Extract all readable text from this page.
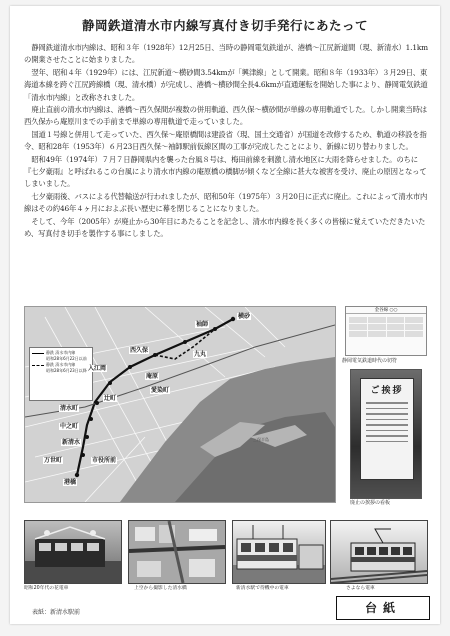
静岡鉄道清水市内線写真付き切手発行にあたって

静岡鉄道清水市内線は、昭和３年（1928年）12月25日、当時の静岡電気鉄道が、港橋～江尻新道間（現、新清水）1.1kmの開業させたことに始まりました。

翌年、昭和４年（1929年）には、江尻新道～横砂間3.54kmが「興津線」として開業。昭和８年（1933年）３月29日、東海道本線を跨ぐ江尻跨線橋（現、清水橋）が完成し、港橋～横砂間全長4.6kmが直通運転を開始した事により、静岡電気鉄道「清水市内線」と改称されました。

廃止直前の清水市内線は、港橋～西久保間が複数の併用軌道、西久保～横砂間が単線の専用軌道でした。しかし開業当時は西久保から庵原川までの手前まで単線の専用軌道で走っていました。

国道１号線と併用して走っていた、西久保～庵原橋間は建設省（現、国土交通省）が国道を改修するため、軌道の移設を指令、昭和28年（1953年）６月23日西久保～袖師駅前仮線区間の工事が完成したことにより、新線に切り替わりました。

昭和49年（1974年）７月７日静岡県内を襲った台風８号は、梅田前線を刺激し清水地区に大雨を降らせました。のちに『七夕豪雨』と呼ばれるこの台風により清水市内線の庵原橋の橋脚が傾くなど全線に甚大な被害を受け、廃止の原因となってしまいました。

七夕豪雨後、バスによる代替輸送が行われましたが、昭和50年（1975年）３月20日に正式に廃止。これによって清水市内線はその約46年４ヶ月におよぶ長い歴史に幕を閉じることになりました。

そして、今年（2005年）が廃止から30年目にあたることを記念し、清水市内線を長く多くの皆様に覚えていただきたいため、写真付き切手を製作する事にしました。

静鉄 清水市内線
昭和28年6月22日以前
静鉄 清水市内線
昭和28年6月23日以降
横砂
袖師
西久保
九丸
庵原
愛染町
入江岡
辻町
清水町
中之町
新清水
万世町	市役所前
港橋
三保半島
金谷線 ○○
静岡電気鉄道時代の切符
ご挨拶
廃止の挨拶の看板
昭和20年代の花電車	上空から撮影した清水橋	新清水駅で待機中の電車	さよなら電車
表紙：新清水駅前	台紙
